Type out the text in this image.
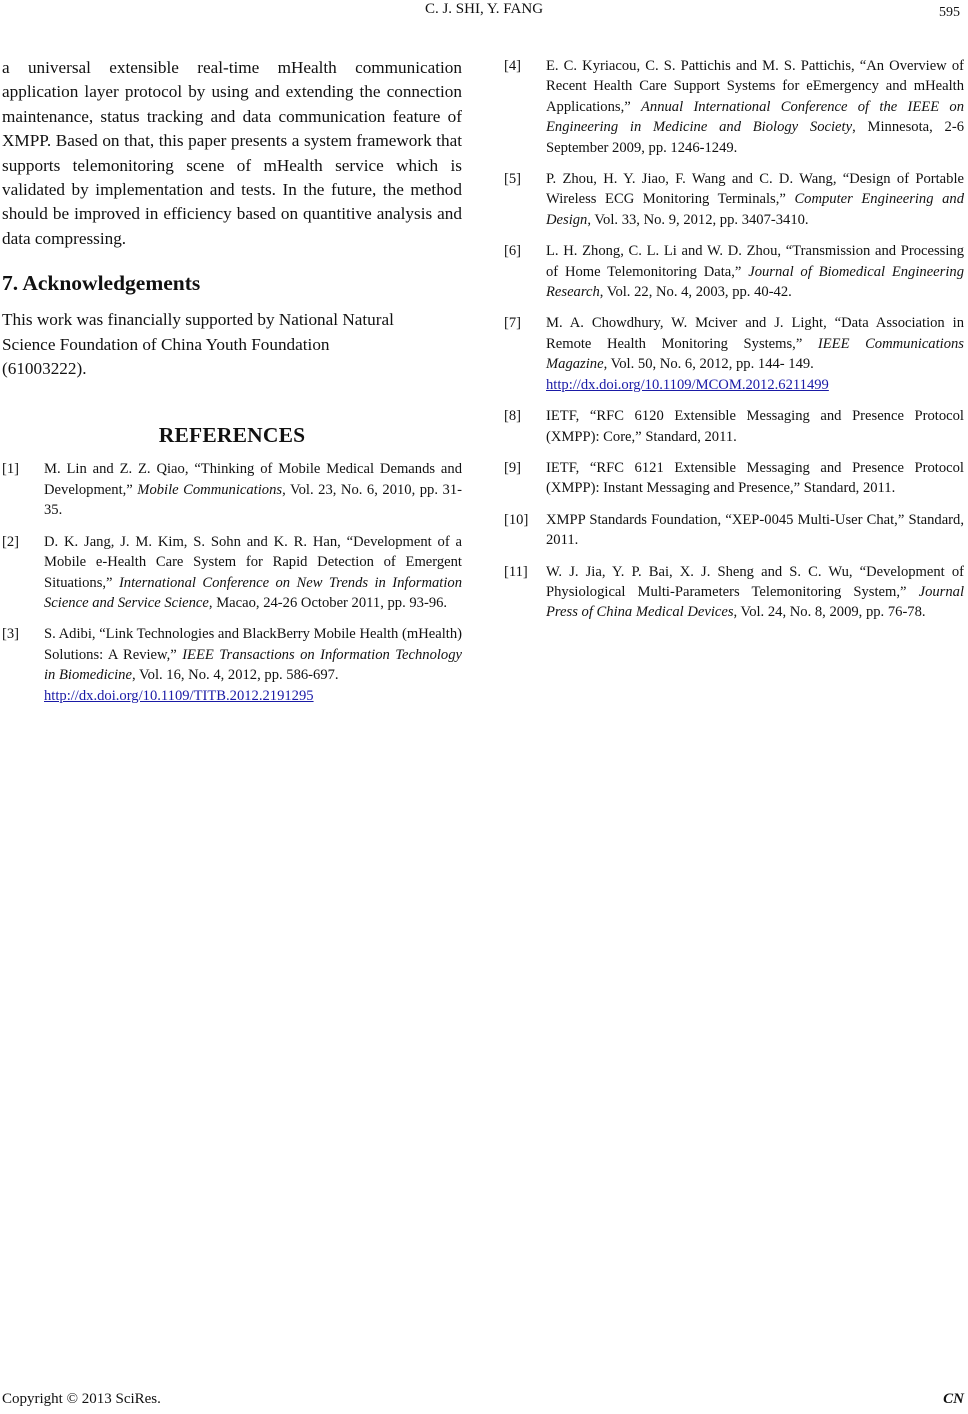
C. J. SHI, Y. FANG	595

a universal extensible real-time mHealth communication application layer protocol by using and extending the connection maintenance, status tracking and data communication feature of XMPP. Based on that, this paper presents a system framework that supports telemonitoring scene of mHealth service which is validated by implementation and tests. In the future, the method should be improved in efficiency based on quantitive analysis and data compressing.

7. Acknowledgements

This work was financially supported by National Natural
Science Foundation of China Youth Foundation
(61003222).

REFERENCES
[1] M. Lin and Z. Z. Qiao, “Thinking of Mobile Medical Demands and Development,” Mobile Communications, Vol. 23, No. 6, 2010, pp. 31-35.
[2] D. K. Jang, J. M. Kim, S. Sohn and K. R. Han, “Development of a Mobile e-Health Care System for Rapid Detection of Emergent Situations,” International Conference on New Trends in Information Science and Service Science, Macao, 24-26 October 2011, pp. 93-96.
[3] S. Adibi, “Link Technologies and BlackBerry Mobile Health (mHealth) Solutions: A Review,” IEEE Transactions on Information Technology in Biomedicine, Vol. 16, No. 4, 2012, pp. 586-697.
http://dx.doi.org/10.1109/TITB.2012.2191295
[4] E. C. Kyriacou, C. S. Pattichis and M. S. Pattichis, “An Overview of Recent Health Care Support Systems for eEmergency and mHealth Applications,” Annual International Conference of the IEEE on Engineering in Medicine and Biology Society, Minnesota, 2-6 September 2009, pp. 1246-1249.
[5] P. Zhou, H. Y. Jiao, F. Wang and C. D. Wang, “Design of Portable Wireless ECG Monitoring Terminals,” Computer Engineering and Design, Vol. 33, No. 9, 2012, pp. 3407-3410.
[6] L. H. Zhong, C. L. Li and W. D. Zhou, “Transmission and Processing of Home Telemonitoring Data,” Journal of Biomedical Engineering Research, Vol. 22, No. 4, 2003, pp. 40-42.
[7] M. A. Chowdhury, W. Mciver and J. Light, “Data Association in Remote Health Monitoring Systems,” IEEE Communications Magazine, Vol. 50, No. 6, 2012, pp. 144- 149.
http://dx.doi.org/10.1109/MCOM.2012.6211499
[8] IETF, “RFC 6120 Extensible Messaging and Presence Protocol (XMPP): Core,” Standard, 2011.
[9] IETF, “RFC 6121 Extensible Messaging and Presence Protocol (XMPP): Instant Messaging and Presence,” Standard, 2011.
[10] XMPP Standards Foundation, “XEP-0045 Multi-User Chat,” Standard, 2011.
[11] W. J. Jia, Y. P. Bai, X. J. Sheng and S. C. Wu, “Development of Physiological Multi-Parameters Telemonitoring System,” Journal Press of China Medical Devices, Vol. 24, No. 8, 2009, pp. 76-78.
Copyright © 2013 SciRes.	CN
